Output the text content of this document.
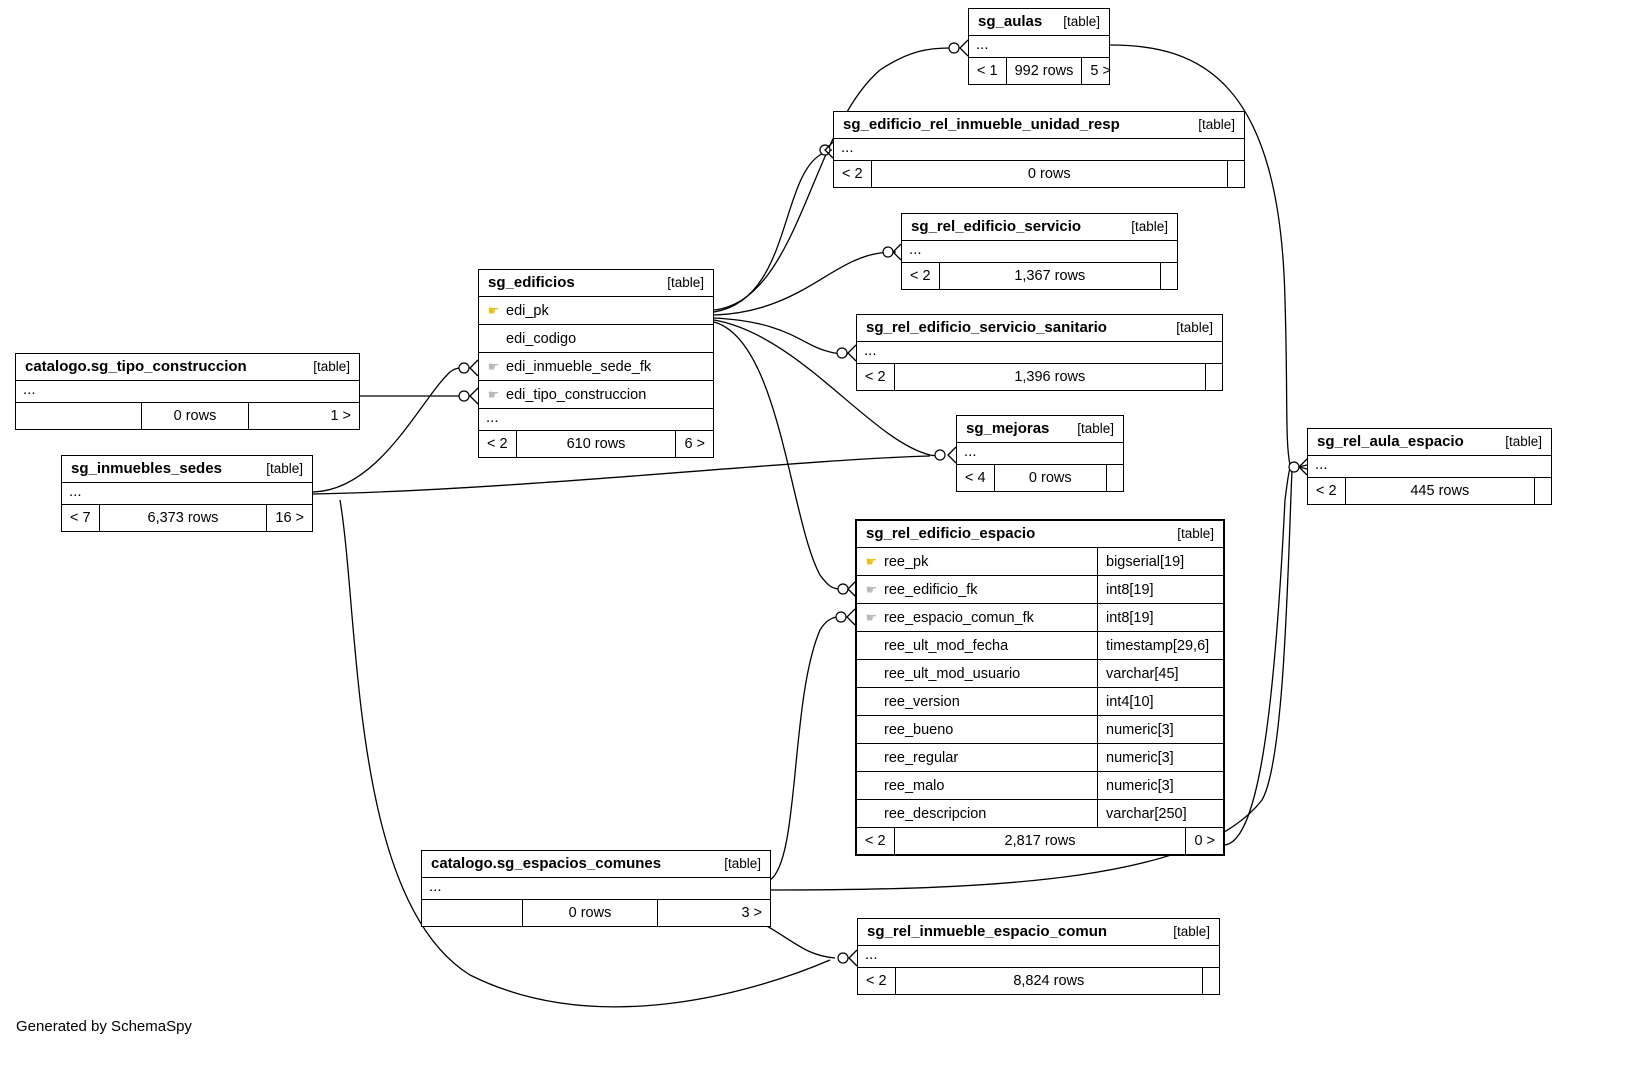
sg_aulas [table]
...
< 1	992 rows	5 >
sg_edificio_rel_inmueble_unidad_resp	[table]
...
< 2	0 rows
sg_rel_edificio_servicio	[table]
...
< 2	1,367 rows
sg_rel_edificio_servicio_sanitario	[table]
...
< 2	1,396 rows
sg_mejoras [table]
...
< 4	0 rows
sg_rel_aula_espacio	[table]
...
< 2	445 rows
catalogo.sg_tipo_construccion	[table]
...
0 rows	1 >
sg_inmuebles_sedes	[table]
...
< 7	6,373 rows	16 >
sg_edificios	[table]
☛ edi_pk
edi_codigo
☛ edi_inmueble_sede_fk
☛ edi_tipo_construccion
...
< 2	610 rows	6 >
sg_rel_edificio_espacio	[table]
☛ ree_pk	bigserial[19]
☛ ree_edificio_fk	int8[19]
☛ ree_espacio_comun_fk	int8[19]
ree_ult_mod_fecha	timestamp[29,6]
ree_ult_mod_usuario	varchar[45]
ree_version	int4[10]
ree_bueno	numeric[3]
ree_regular	numeric[3]
ree_malo	numeric[3]
ree_descripcion	varchar[250]
< 2	2,817 rows	0 >
catalogo.sg_espacios_comunes	[table]
...
0 rows	3 >
sg_rel_inmueble_espacio_comun	[table]
...
< 2	8,824 rows
Generated by SchemaSpy
